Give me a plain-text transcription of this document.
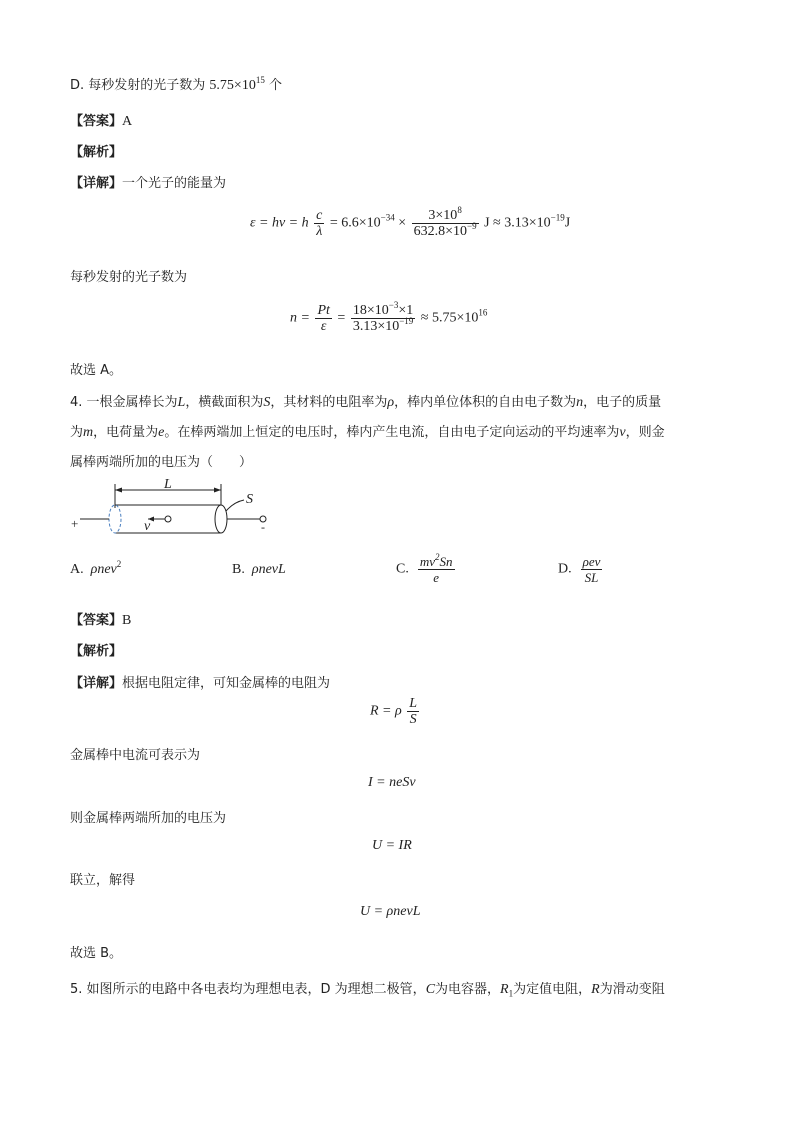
D. 每秒发射的光子数为 $5.75\times 10^{15}$ 个
【答案】A
【解析】
【详解】一个光子的能量为
ε = hν = h $\frac{c}{\lambda} = 6.6\times 10^{-34} \times \frac{3\times 10^8}{632.8\times 10^{-9}}$ $J \approx 3.13\times 10^{-19}J$
每秒发射的光子数为
$n = \frac{Pt}{\varepsilon} = \frac{18\times 10^{-3}\times 1}{3.13\times 10^{-19}} \approx 5.75\times 10^{16}$
故选 A。
4. 一根金属棒长为L，横截面积为S，其材料的电阻率为ρ，棒内单位体积的自由电子数为n，电子的质量
为m，电荷量为e。在棒两端加上恒定的电压时，棒内产生电流，自由电子定向运动的平均速率为v，则金
属棒两端所加的电压为（　　）
L
+	-
S
v
A. ρnev$^2$	B. ρnevL	C. $\frac{mv^2Sn}{e}$	D. $\frac{\text{ρev}}{SL}$
【答案】B
【解析】
【详解】根据电阻定律，可知金属棒的电阻为
R = ρ $\frac{L}{S}$
金属棒中电流可表示为
I = neSv
则金属棒两端所加的电压为
U = IR
联立，解得
U = ρnevL
故选 B。
5. 如图所示的电路中各电表均为理想电表，D 为理想二极管，C为电容器，$R_1$为定值电阻，R为滑动变阻
